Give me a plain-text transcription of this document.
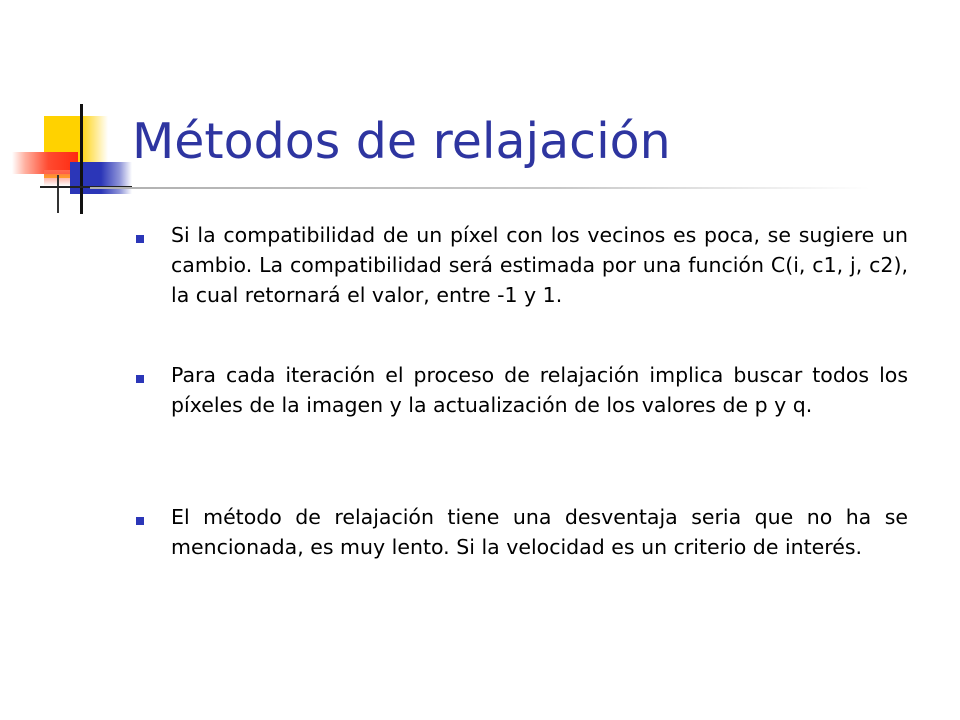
Métodos de relajación

Si la compatibilidad de un píxel con los vecinos es poca, se sugiere un cambio. La compatibilidad será estimada por una función C(i, c1, j, c2), la cual retornará el valor, entre -1 y 1.

Para cada iteración el proceso de relajación implica buscar todos los píxeles de la imagen y la actualización de los valores de p y q.

El método de relajación tiene una desventaja seria que no ha se mencionada, es muy lento. Si la velocidad es un criterio de interés.
